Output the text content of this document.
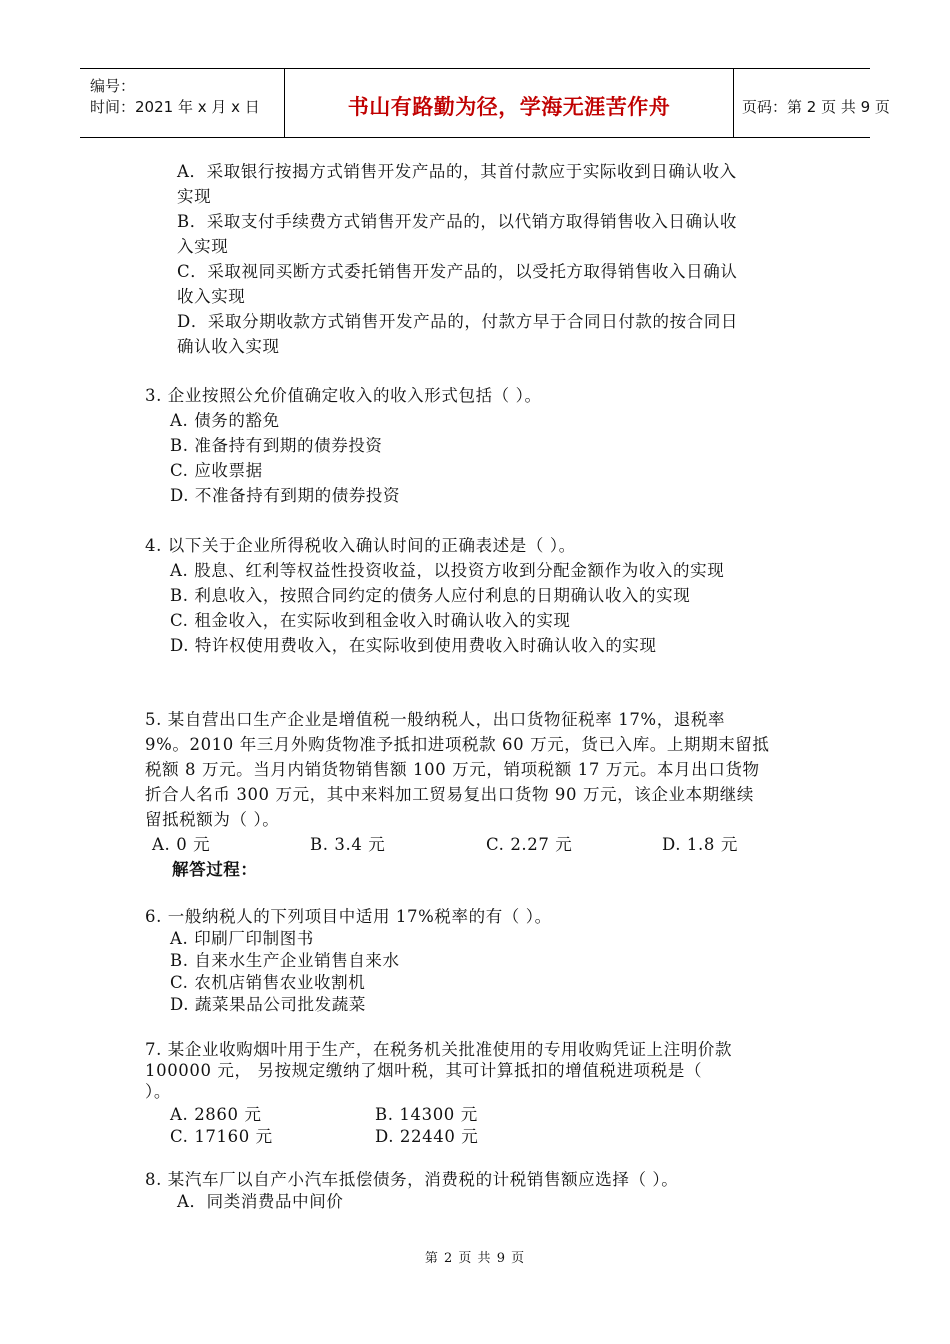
编号：
时间：2021 年 x 月 x 日	书山有路勤为径，学海无涯苦作舟	页码：第 2 页 共 9 页
A．采取银行按揭方式销售开发产品的，其首付款应于实际收到日确认收入
实现
B．采取支付手续费方式销售开发产品的，以代销方取得销售收入日确认收
入实现
C．采取视同买断方式委托销售开发产品的，以受托方取得销售收入日确认
收入实现
D．采取分期收款方式销售开发产品的，付款方早于合同日付款的按合同日
确认收入实现
3. 企业按照公允价值确定收入的收入形式包括（ ）。
A. 债务的豁免
B. 准备持有到期的债券投资
C. 应收票据
D. 不准备持有到期的债券投资
4. 以下关于企业所得税收入确认时间的正确表述是（ ）。
A. 股息、红利等权益性投资收益，以投资方收到分配金额作为收入的实现
B. 利息收入，按照合同约定的债务人应付利息的日期确认收入的实现
C. 租金收入，在实际收到租金收入时确认收入的实现
D. 特许权使用费收入，在实际收到使用费收入时确认收入的实现
5. 某自营出口生产企业是增值税一般纳税人，出口货物征税率 17%，退税率
9%。2010 年三月外购货物准予抵扣进项税款 60 万元，货已入库。上期期末留抵
税额 8 万元。当月内销货物销售额 100 万元，销项税额 17 万元。本月出口货物
折合人名币 300 万元，其中来料加工贸易复出口货物 90 万元，该企业本期继续
留抵税额为（ ）。
A. 0 元	B. 3.4 元	C. 2.27 元	D. 1.8 元
解答过程：
6. 一般纳税人的下列项目中适用 17%税率的有（ ）。
A. 印刷厂印制图书
B. 自来水生产企业销售自来水
C. 农机店销售农业收割机
D. 蔬菜果品公司批发蔬菜
7. 某企业收购烟叶用于生产，在税务机关批准使用的专用收购凭证上注明价款
100000 元， 另按规定缴纳了烟叶税，其可计算抵扣的增值税进项税是（
）。
A. 2860 元	B. 14300 元
C. 17160 元	D. 22440 元
8. 某汽车厂以自产小汽车抵偿债务，消费税的计税销售额应选择（ ）。
A．同类消费品中间价
第 2 页 共 9 页
